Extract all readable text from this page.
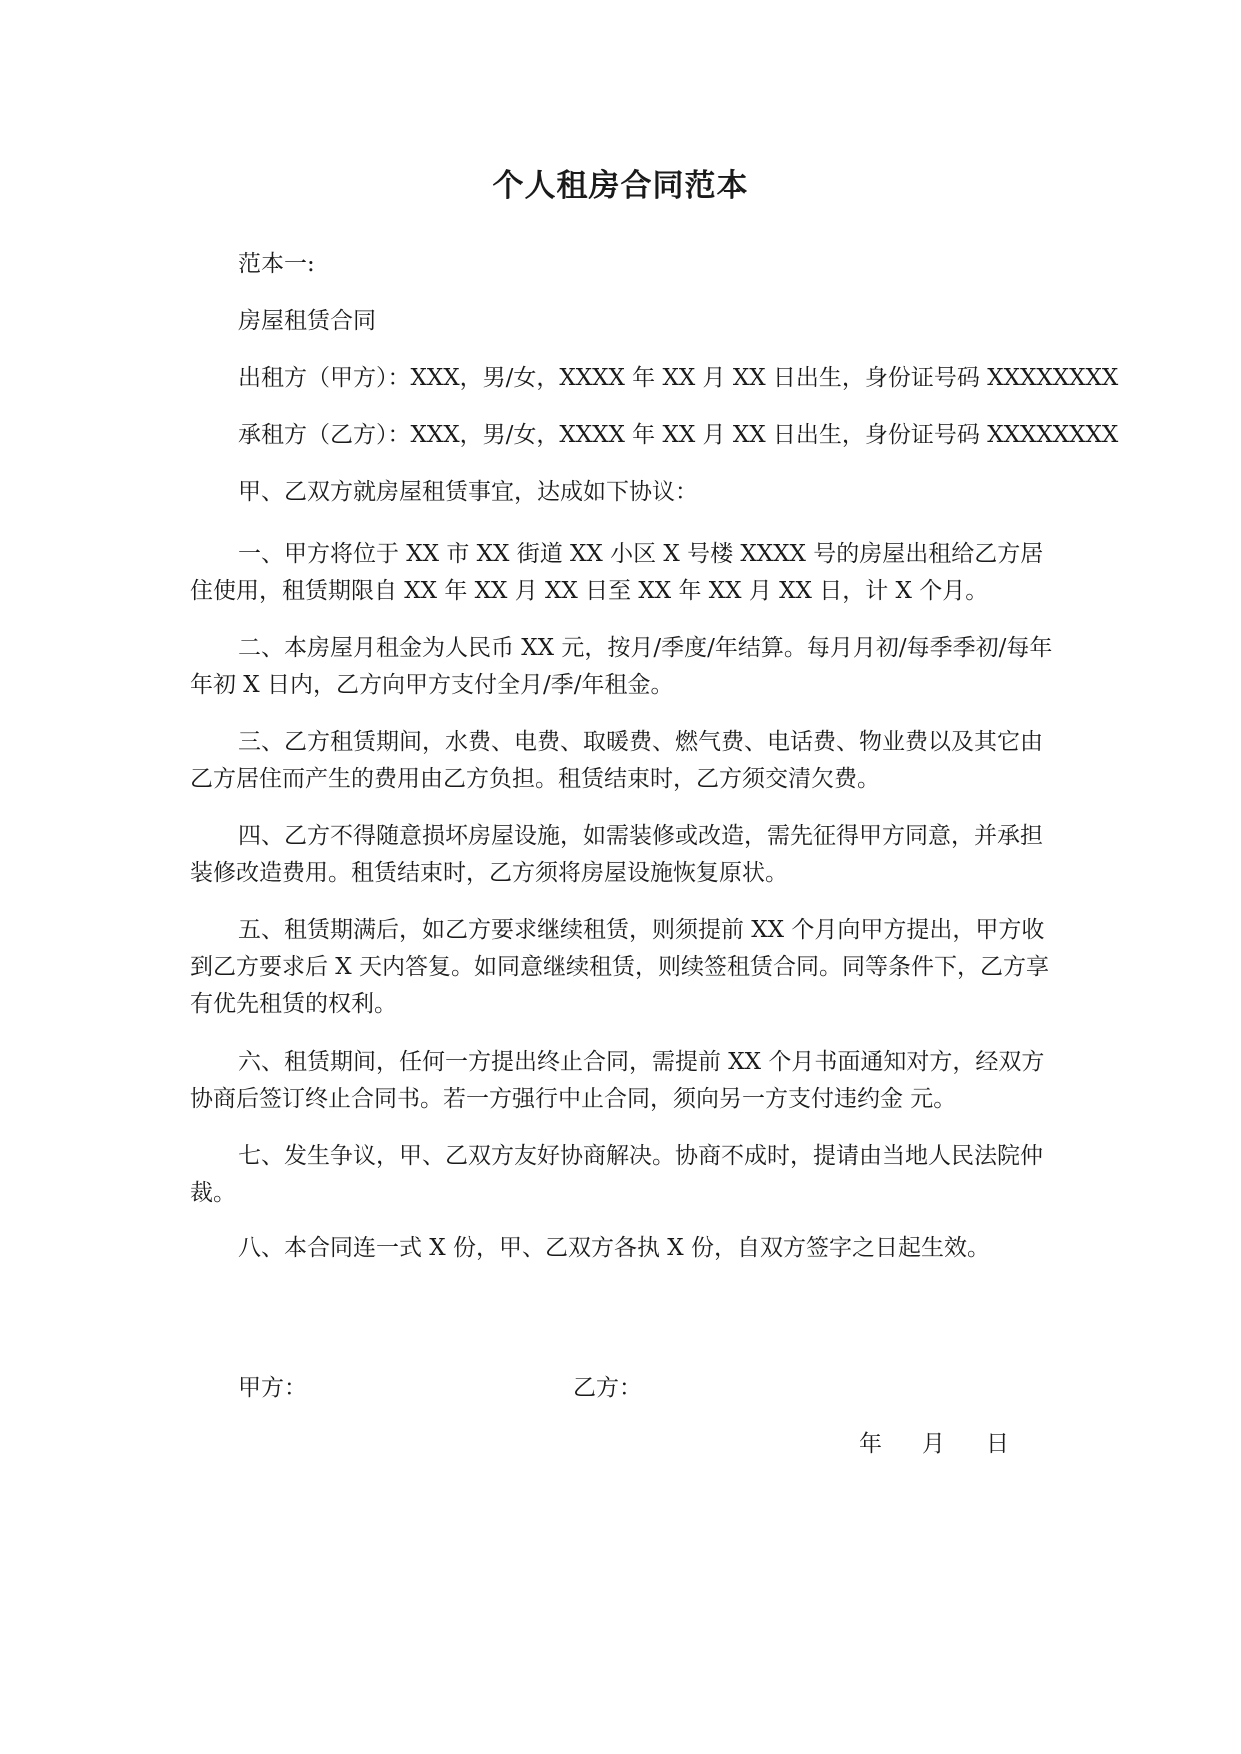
个人租房合同范本

范本一:

房屋租赁合同

出租方（甲方）：XXX，男/女，XXXX 年 XX 月 XX 日出生，身份证号码 XXXXXXXX

承租方（乙方）：XXX，男/女，XXXX 年 XX 月 XX 日出生，身份证号码 XXXXXXXX

甲、乙双方就房屋租赁事宜，达成如下协议：

一、甲方将位于 XX 市 XX 街道 XX 小区 X 号楼 XXXX 号的房屋出租给乙方居住使用，租赁期限自 XX 年 XX 月 XX 日至 XX 年 XX 月 XX 日，计 X 个月。

二、本房屋月租金为人民币 XX 元，按月/季度/年结算。每月月初/每季季初/每年年初 X 日内，乙方向甲方支付全月/季/年租金。

三、乙方租赁期间，水费、电费、取暖费、燃气费、电话费、物业费以及其它由乙方居住而产生的费用由乙方负担。租赁结束时，乙方须交清欠费。

四、乙方不得随意损坏房屋设施，如需装修或改造，需先征得甲方同意，并承担装修改造费用。租赁结束时，乙方须将房屋设施恢复原状。

五、租赁期满后，如乙方要求继续租赁，则须提前 XX 个月向甲方提出，甲方收到乙方要求后 X 天内答复。如同意继续租赁，则续签租赁合同。同等条件下，乙方享有优先租赁的权利。

六、租赁期间，任何一方提出终止合同，需提前 XX 个月书面通知对方，经双方协商后签订终止合同书。若一方强行中止合同，须向另一方支付违约金 元。

七、发生争议，甲、乙双方友好协商解决。协商不成时，提请由当地人民法院仲裁。

八、本合同连一式 X 份，甲、乙双方各执 X 份，自双方签字之日起生效。

甲方：	乙方：

年 月 日
